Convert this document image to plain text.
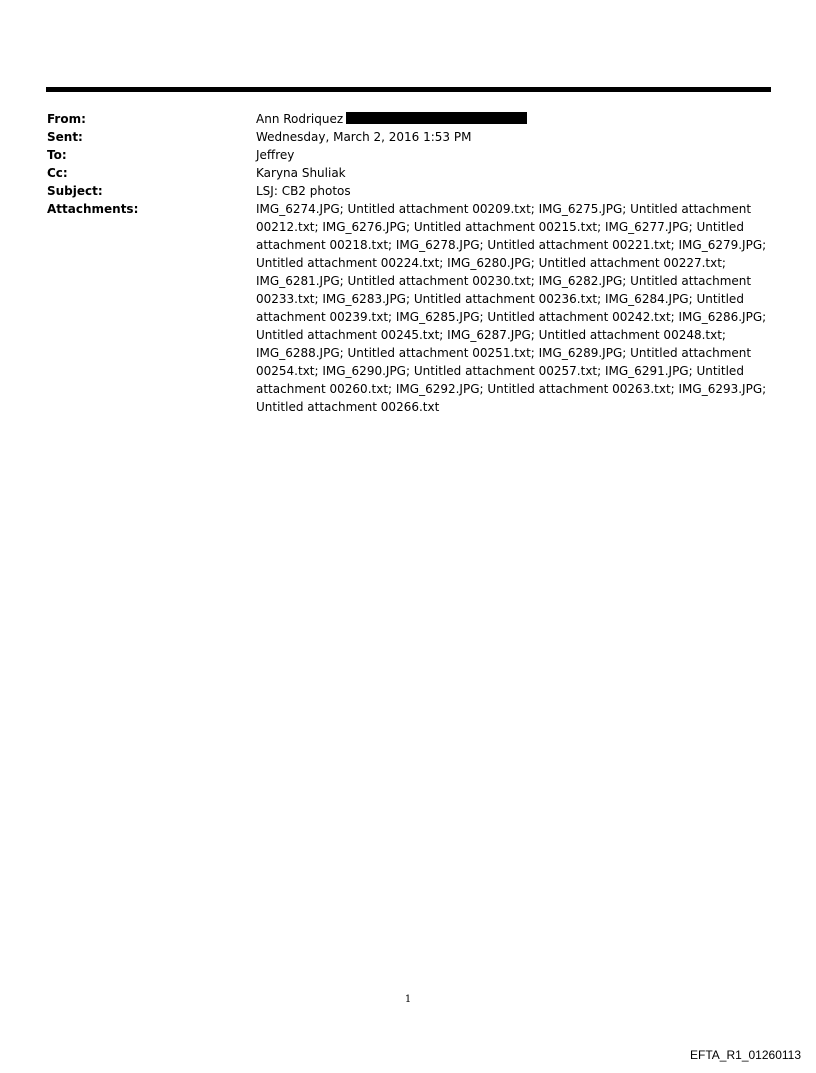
From:	Ann Rodriquez
Sent:	Wednesday, March 2, 2016 1:53 PM
To:	Jeffrey
Cc:	Karyna Shuliak
Subject:	LSJ: CB2 photos
Attachments:	IMG_6274.JPG; Untitled attachment 00209.txt; IMG_6275.JPG; Untitled attachment 00212.txt; IMG_6276.JPG; Untitled attachment 00215.txt; IMG_6277.JPG; Untitled attachment 00218.txt; IMG_6278.JPG; Untitled attachment 00221.txt; IMG_6279.JPG; Untitled attachment 00224.txt; IMG_6280.JPG; Untitled attachment 00227.txt; IMG_6281.JPG; Untitled attachment 00230.txt; IMG_6282.JPG; Untitled attachment 00233.txt; IMG_6283.JPG; Untitled attachment 00236.txt; IMG_6284.JPG; Untitled attachment 00239.txt; IMG_6285.JPG; Untitled attachment 00242.txt; IMG_6286.JPG; Untitled attachment 00245.txt; IMG_6287.JPG; Untitled attachment 00248.txt; IMG_6288.JPG; Untitled attachment 00251.txt; IMG_6289.JPG; Untitled attachment 00254.txt; IMG_6290.JPG; Untitled attachment 00257.txt; IMG_6291.JPG; Untitled attachment 00260.txt; IMG_6292.JPG; Untitled attachment 00263.txt; IMG_6293.JPG; Untitled attachment 00266.txt
1
EFTA_R1_01260113
